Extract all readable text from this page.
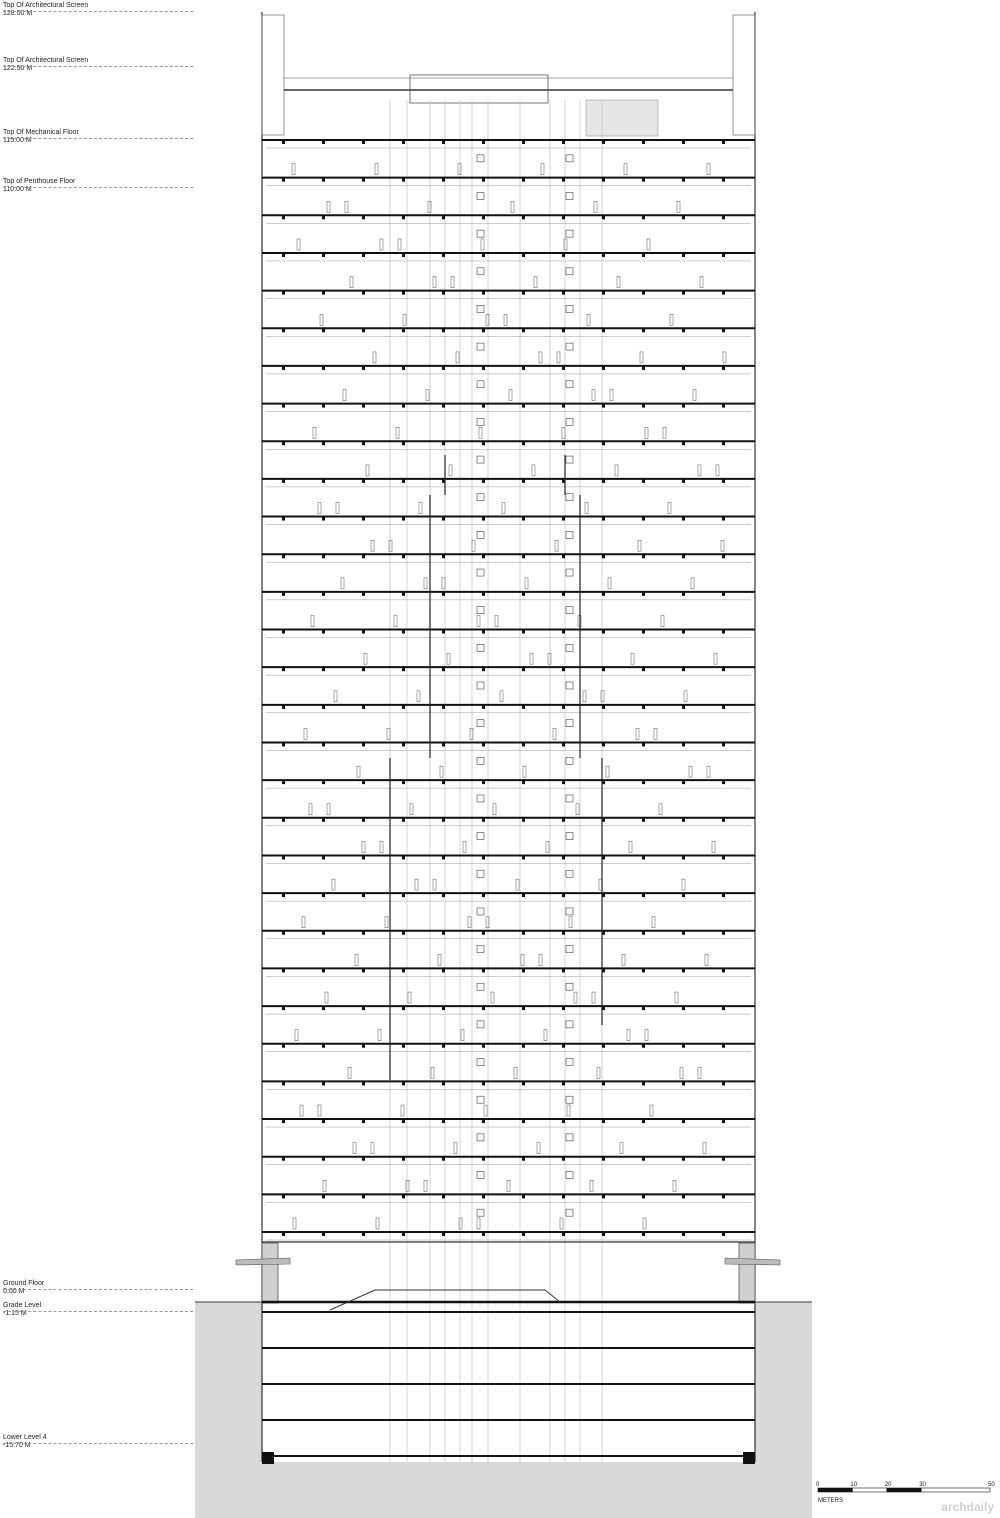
0	10	20	30	50
METERS
Top Of Architectural Screen
128.00 M
Top Of Architectural Screen
122.50 M
Top Of Mechanical Floor
115.00 M
Top of Penthouse Floor
110.00 M
Ground Floor
0.00 M
Grade Level
-1.15 M
Lower Level 4
-15.70 M
archdaily
